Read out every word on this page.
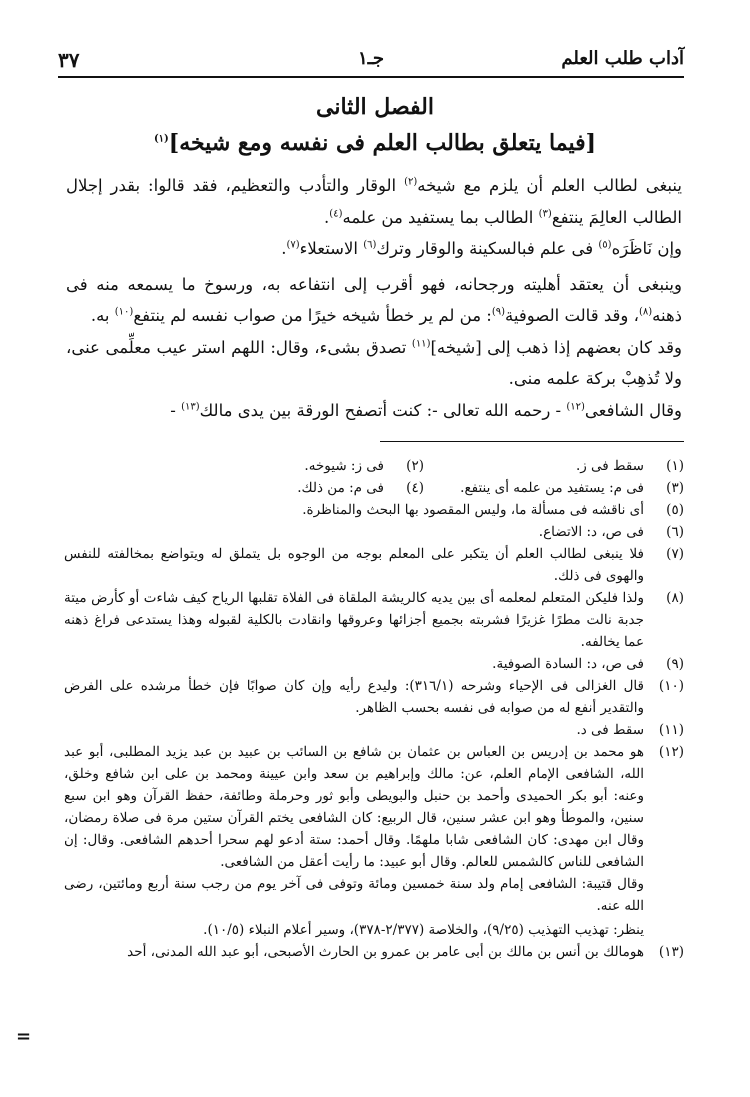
آداب طلب العلم
جـ١
٣٧
الفصل الثانى
[فيما يتعلق بطالب العلم فى نفسه ومع شيخه]$^{(١)}$

ينبغى لطالب العلم أن يلزم مع شيخه$^{(٢)}$ الوقار والتأدب والتعظيم، فقد قالوا: بقدر إجلال الطالب العالِمَ ينتفع$^{(٣)}$ الطالب بما يستفيد من علمه$^{(٤)}$.

وإن نَاظَرَه$^{(٥)}$ فى علم فبالسكينة والوقار وترك$^{(٦)}$ الاستعلاء$^{(٧)}$.

وينبغى أن يعتقد أهليته ورجحانه، فهو أقرب إلى انتفاعه به، ورسوخ ما يسمعه منه فى ذهنه$^{(٨)}$، وقد قالت الصوفية$^{(٩)}$: من لم ير خطأ شيخه خيرًا من صواب نفسه لم ينتفع$^{(١٠)}$ به.

وقد كان بعضهم إذا ذهب إلى [شيخه]$^{(١١)}$ تصدق بشىء، وقال: اللهم استر عيب معلِّمى عنى، ولا تُذهِبْ بركة علمه منى.

وقال الشافعى$^{(١٢)}$ - رحمه الله تعالى -: كنت أتصفح الورقة بين يدى مالك$^{(١٣)}$ -

(١)
سقط فى ز.
(٢)
فى ز: شيوخه.
(٣)
فى م: يستفيد من علمه أى ينتفع.
(٤)
فى م: من ذلك.
(٥)
أى ناقشه فى مسألة ما، وليس المقصود بها البحث والمناظرة.
(٦)
فى ص، د: الاتضاع.
(٧)
فلا ينبغى لطالب العلم أن يتكبر على المعلم بوجه من الوجوه بل يتملق له ويتواضع بمخالفته للنفس والهوى فى ذلك.
(٨)
ولذا فليكن المتعلم لمعلمه أى بين يديه كالريشة الملقاة فى الفلاة تقلبها الرياح كيف شاءت أو كأرض ميتة جدبة نالت مطرًا غزيرًا فشربته بجميع أجزائها وعروقها وانقادت بالكلية لقبوله وهذا يستدعى فراغ ذهنه عما يخالفه.
(٩)
فى ص، د: السادة الصوفية.
(١٠)
قال الغزالى فى الإحياء وشرحه (٣١٦/١): وليدع رأيه وإن كان صوابًا فإن خطأ مرشده على الفرض والتقدير أنفع له من صوابه فى نفسه بحسب الظاهر.
(١١)
سقط فى د.
(١٢)
هو محمد بن إدريس بن العباس بن عثمان بن شافع بن السائب بن عبيد بن عبد يزيد المطلبى، أبو عبد الله، الشافعى الإمام العلم، عن: مالك وإبراهيم بن سعد وابن عيينة ومحمد بن على ابن شافع وخلق، وعنه: أبو بكر الحميدى وأحمد بن حنبل والبويطى وأبو ثور وحرملة وطائفة، حفظ القرآن وهو ابن سبع سنين، والموطأ وهو ابن عشر سنين، قال الربيع: كان الشافعى يختم القرآن ستين مرة فى صلاة رمضان، وقال ابن مهدى: كان الشافعى شابا ملهمًا. وقال أحمد: ستة أدعو لهم سحرا أحدهم الشافعى. وقال: إن الشافعى للناس كالشمس للعالم. وقال أبو عبيد: ما رأيت أعقل من الشافعى.
وقال قتيبة: الشافعى إمام ولد سنة خمسين ومائة وتوفى فى آخر يوم من رجب سنة أربع ومائتين، رضى الله عنه.
ينظر: تهذيب التهذيب (٩/٢٥)، والخلاصة (٢/٣٧٧-٣٧٨)، وسير أعلام النبلاء (١٠/٥).
(١٣)
هومالك بن أنس بن مالك بن أبى عامر بن عمرو بن الحارث الأصبحى، أبو عبد الله المدنى، أحد
=
